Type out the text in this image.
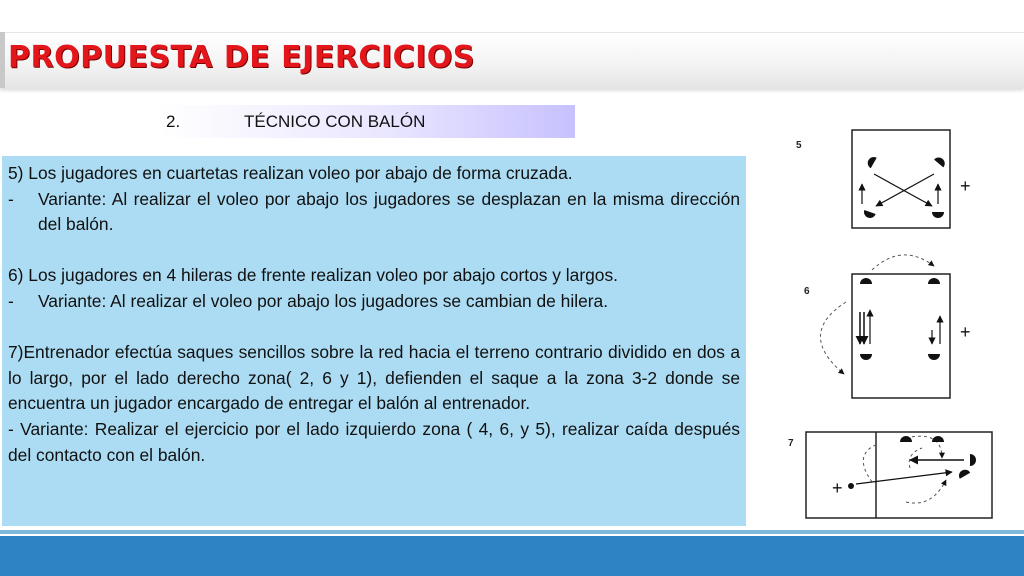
PROPUESTA DE EJERCICIOS
2.	TÉCNICO CON BALÓN

5) Los jugadores en cuartetas realizan voleo por abajo de forma cruzada.

- Variante: Al realizar el voleo por abajo los jugadores se desplazan en la misma dirección del balón.

6) Los jugadores en 4 hileras de frente realizan voleo por abajo cortos y largos.

- Variante: Al realizar el voleo por abajo los jugadores se cambian de hilera.

7)Entrenador efectúa saques sencillos sobre la red hacia el terreno contrario dividido en dos a lo largo, por el lado derecho zona( 2, 6 y 1), defienden el saque a la zona 3-2 donde se encuentra un jugador encargado de entregar el balón al entrenador.

- Variante: Realizar el ejercicio por el lado izquierdo zona ( 4, 6, y 5), realizar caída después del contacto con el balón.

5
+
6
+
7
+
